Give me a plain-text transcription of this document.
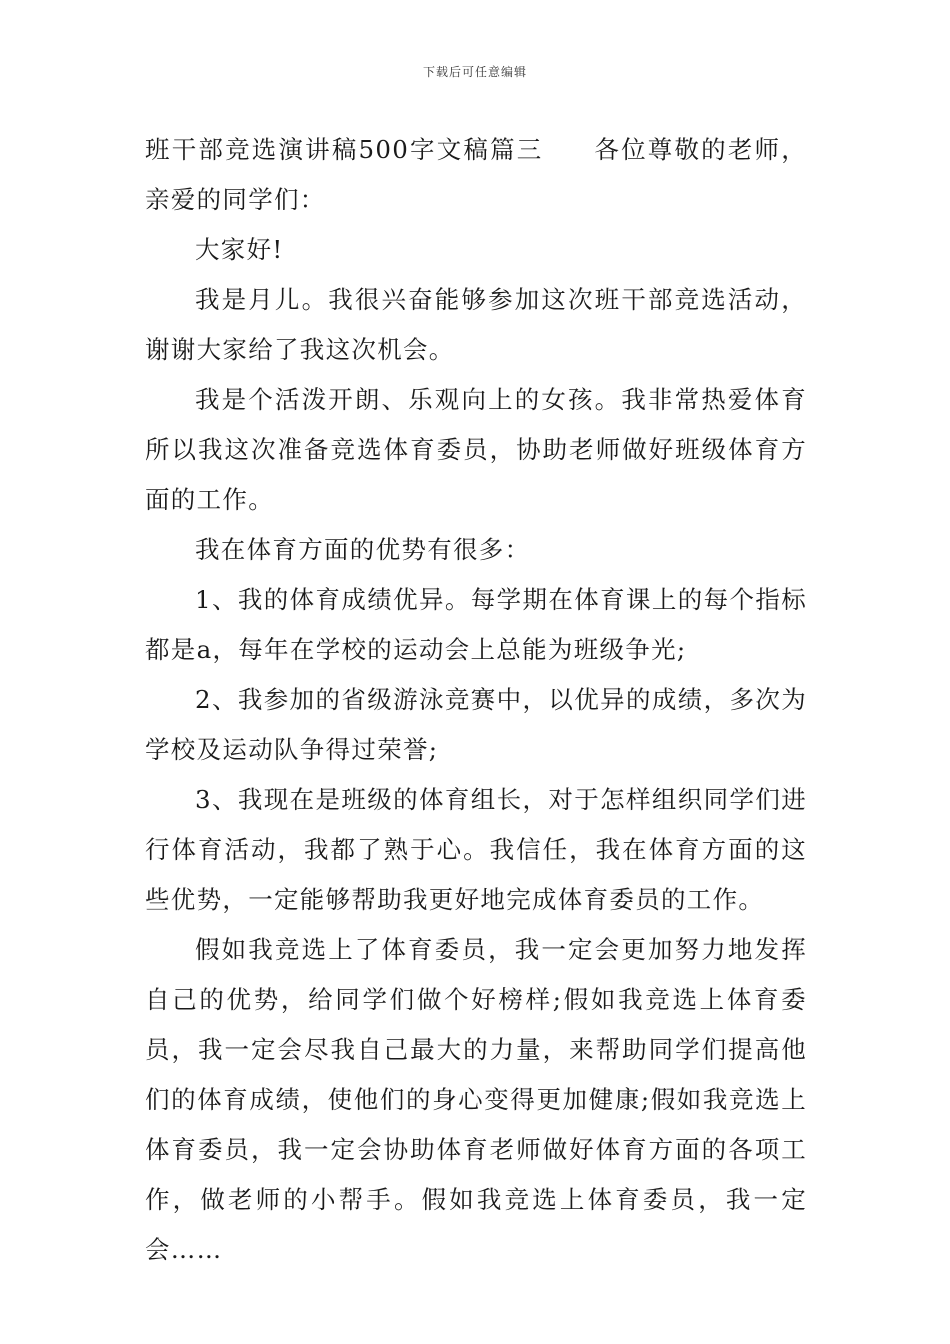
下载后可任意编辑

班干部竞选演讲稿500字文稿篇三 各位尊敬的老师，亲爱的同学们：

大家好!

我是月儿。我很兴奋能够参加这次班干部竞选活动，谢谢大家给了我这次机会。

我是个活泼开朗、乐观向上的女孩。我非常热爱体育所以我这次准备竞选体育委员，协助老师做好班级体育方面的工作。

我在体育方面的优势有很多：

1、我的体育成绩优异。每学期在体育课上的每个指标都是a，每年在学校的运动会上总能为班级争光;

2、我参加的省级游泳竞赛中，以优异的成绩，多次为学校及运动队争得过荣誉;

3、我现在是班级的体育组长，对于怎样组织同学们进行体育活动，我都了熟于心。我信任，我在体育方面的这些优势，一定能够帮助我更好地完成体育委员的工作。

假如我竞选上了体育委员，我一定会更加努力地发挥自己的优势，给同学们做个好榜样;假如我竞选上体育委员，我一定会尽我自己最大的力量，来帮助同学们提高他们的体育成绩，使他们的身心变得更加健康;假如我竞选上体育委员，我一定会协助体育老师做好体育方面的各项工作，做老师的小帮手。假如我竞选上体育委员，我一定会……
